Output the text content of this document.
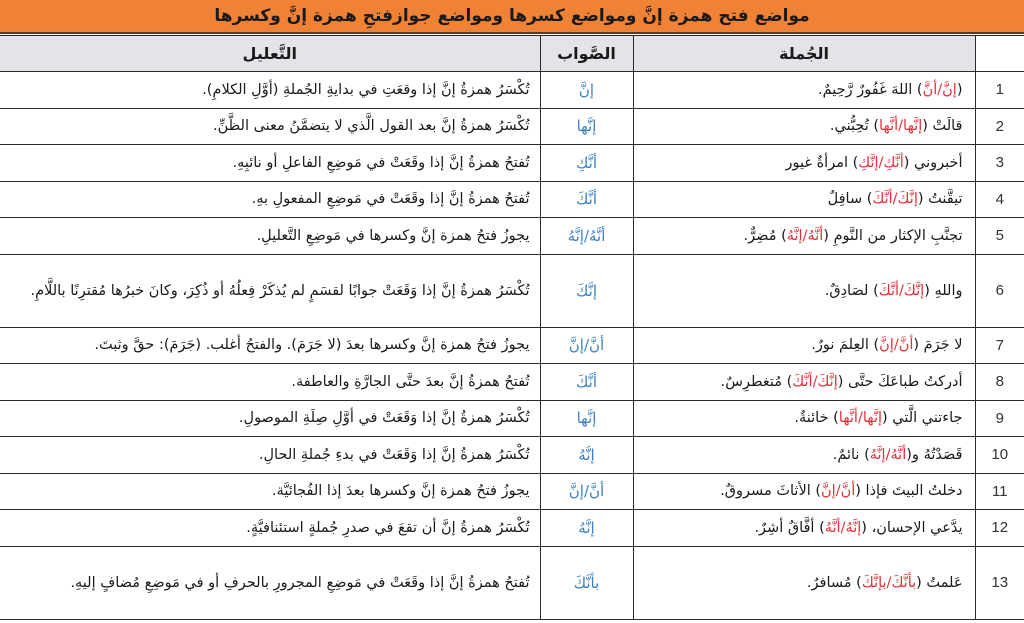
مواضع فتح همزة إنَّ ومواضع كسرها ومواضع جوازفتحِ همزة إنَّ وكسرها
	الجُملة	الصَّواب	التَّعليل
1	(إنَّ/أنَّ) اللهَ غَفُورٌ رَّحِيمٌ.	إنَّ	تُكْسَرُ همزةُ إنَّ إذا وقعَتِ في بدايةِ الجُملةِ (أوَّلِ الكلامِ).
2	قالَتْ (إنَّها/أنَّها) تُحِبُّني.	إنَّها	تُكْسَرُ همزةُ إنَّ بعد القول الَّذي لا يتضمَّنُ معنى الظَّنِّ.
3	أخبروني (أنَّكِ/إنَّكِ) امرأةٌ غيور	أنَّكِ	تُفتحُ همزةُ إنَّ إذا وقَعَتْ في مَوضِعِ الفاعلِ أو نائبِهِ.
4	تيقَّنتُ (إنَّكَ/أنَّكَ) سافِلٌ	أنَّكَ	تُفتحُ همزةُ إنَّ إذا وقَعَتْ في مَوضِعِ المفعولِ بهِ.
5	تجنَّبِ الإكثار من النَّومِ (أنَّهُ/إنَّهُ) مُضِرٌّ.	أنَّهُ/إنَّهُ	يجوزُ فتحُ همزة إنَّ وكسرها في مَوضِعِ التَّعليلِ.
6	واللهِ (إنَّكَ/أنَّكَ) لصَادِقٌ.	إنَّكَ	تُكْسَرُ همزةُ إنَّ إذا وَقَعَتْ جوابًا لقسَمٍ لم يُذكَرْ فِعلُهُ أو ذُكِرَ، وكانَ خبرُها مُقترِنًا باللَّامِ.
7	لا جَرَمَ (أنَّ/إنَّ) العِلمَ نورٌ.	أنَّ/إنَّ	يجوزُ فتحُ همزة إنَّ وكسرها بعدَ (لا جَرَمَ). والفتحُ أغلب. (جَرَمَ): حقَّ وثبتَ.
8	أدركتُ طباعَكَ حتَّى (إنَّكَ/أنَّكَ) مُتغطرِسٌ.	أنَّكَ	تُفتحُ همزةُ إنَّ بعدَ حتَّى الجارَّةِ والعاطفة.
9	جاءتني الَّتي (إنَّها/أنَّها) خائنةٌ.	إنَّها	تُكْسَرُ همزةُ إنَّ إذا وَقَعَتْ في أوَّلِ صِلَةِ الموصولِ.
10	قَصَدْتُهُ و(أنَّهُ/إنَّهُ) نائمٌ.	إنَّهُ	تُكْسَرُ همزةُ إنَّ إذا وَقَعَتْ في بدءِ جُملةِ الحالِ.
11	دخلتُ البيتَ فإذا (أنَّ/إنَّ) الأثاثَ مسروقٌ.	أنَّ/إنَّ	يجوزُ فتحُ همزة إنَّ وكسرها بعدَ إذا الفُجائيَّة.
12	يدَّعي الإحسان، (إنَّهُ/أنَّهُ) أفَّاقٌ أشِرٌ.	إنَّهُ	تُكْسَرُ همزةُ إنَّ أن تقعَ في صدرِ جُملةٍ استئنافيَّةٍ.
13	عَلمتُ (بأنَّكَ/بإنَّكَ) مُسافرٌ.	بأنَّكَ	تُفتحُ همزةُ إنَّ إذا وقَعَتْ في مَوضِعِ المجرورِ بالحرفِ أو في مَوضِعِ مُضافٍ إليهِ.
